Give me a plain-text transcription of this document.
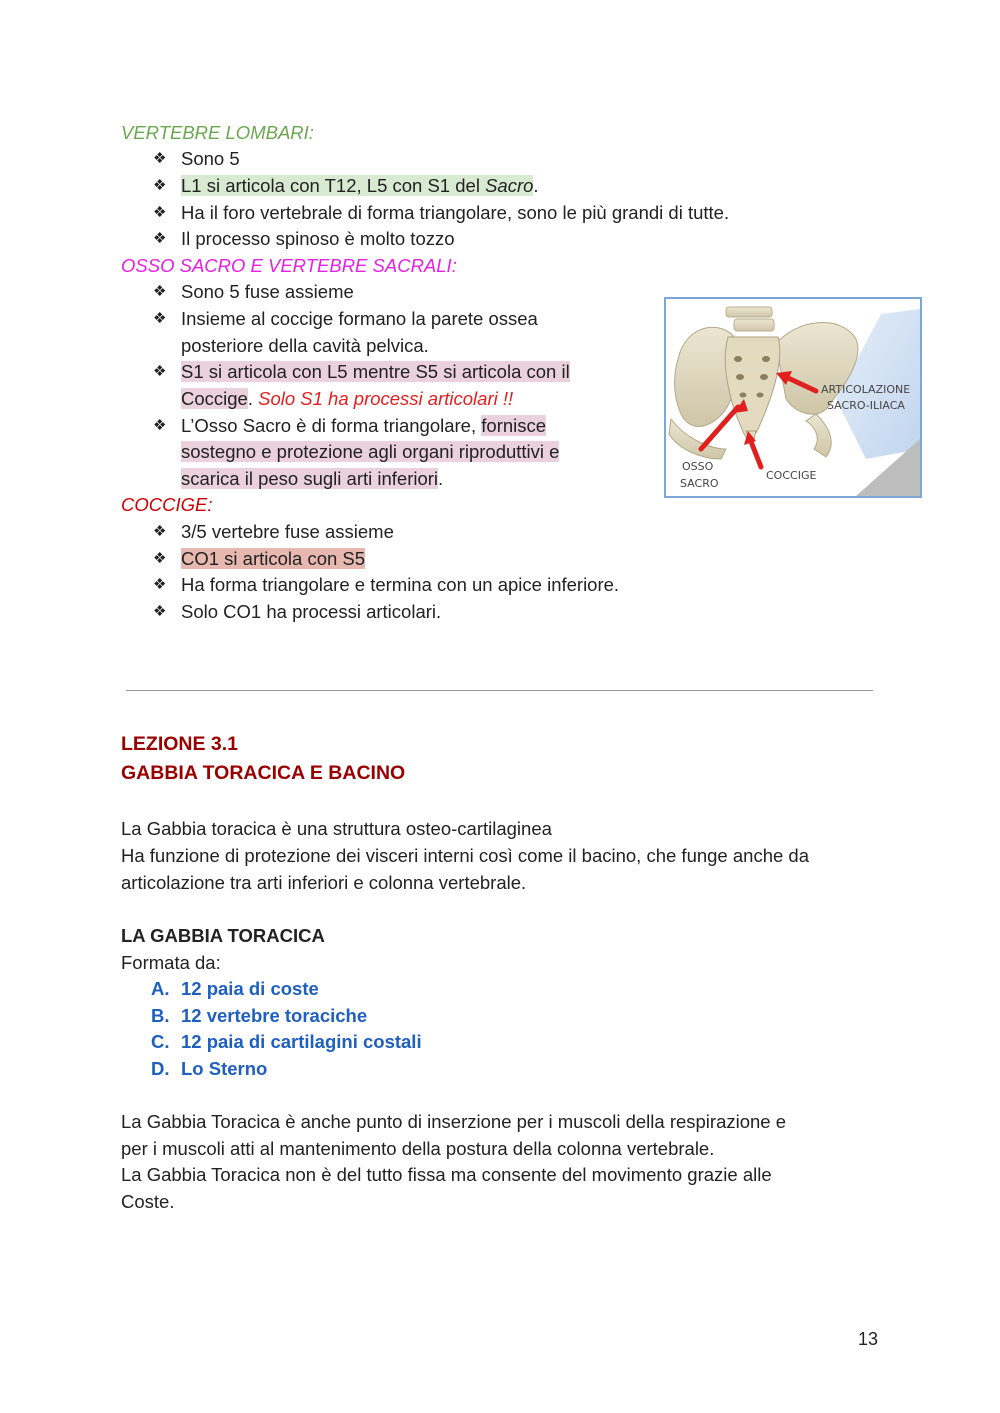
VERTEBRE LOMBARI:
❖ Sono 5
❖ L1 si articola con T12, L5 con S1 del Sacro.
❖ Ha il foro vertebrale di forma triangolare, sono le più grandi di tutte.
❖ Il processo spinoso è molto tozzo
OSSO SACRO E VERTEBRE SACRALI:
❖ Sono 5 fuse assieme
❖ Insieme al coccige formano la parete ossea
posteriore della cavità pelvica.
❖ S1 si articola con L5 mentre S5 si articola con il
Coccige. Solo S1 ha processi articolari !!
❖ L’Osso Sacro è di forma triangolare, fornisce
sostegno e protezione agli organi riproduttivi e
scarica il peso sugli arti inferiori.
ARTICOLAZIONE
SACRO-ILIACA
OSSO
SACRO
COCCIGE
COCCIGE:
❖ 3/5 vertebre fuse assieme
❖ CO1 si articola con S5
❖ Ha forma triangolare e termina con un apice inferiore.
❖ Solo CO1 ha processi articolari.
LEZIONE 3.1
GABBIA TORACICA E BACINO
La Gabbia toracica è una struttura osteo-cartilaginea
Ha funzione di protezione dei visceri interni così come il bacino, che funge anche da
articolazione tra arti inferiori e colonna vertebrale.
LA GABBIA TORACICA
Formata da:
A. 12 paia di coste
B. 12 vertebre toraciche
C. 12 paia di cartilagini costali
D. Lo Sterno
La Gabbia Toracica è anche punto di inserzione per i muscoli della respirazione e
per i muscoli atti al mantenimento della postura della colonna vertebrale.
La Gabbia Toracica non è del tutto fissa ma consente del movimento grazie alle
Coste.
13
